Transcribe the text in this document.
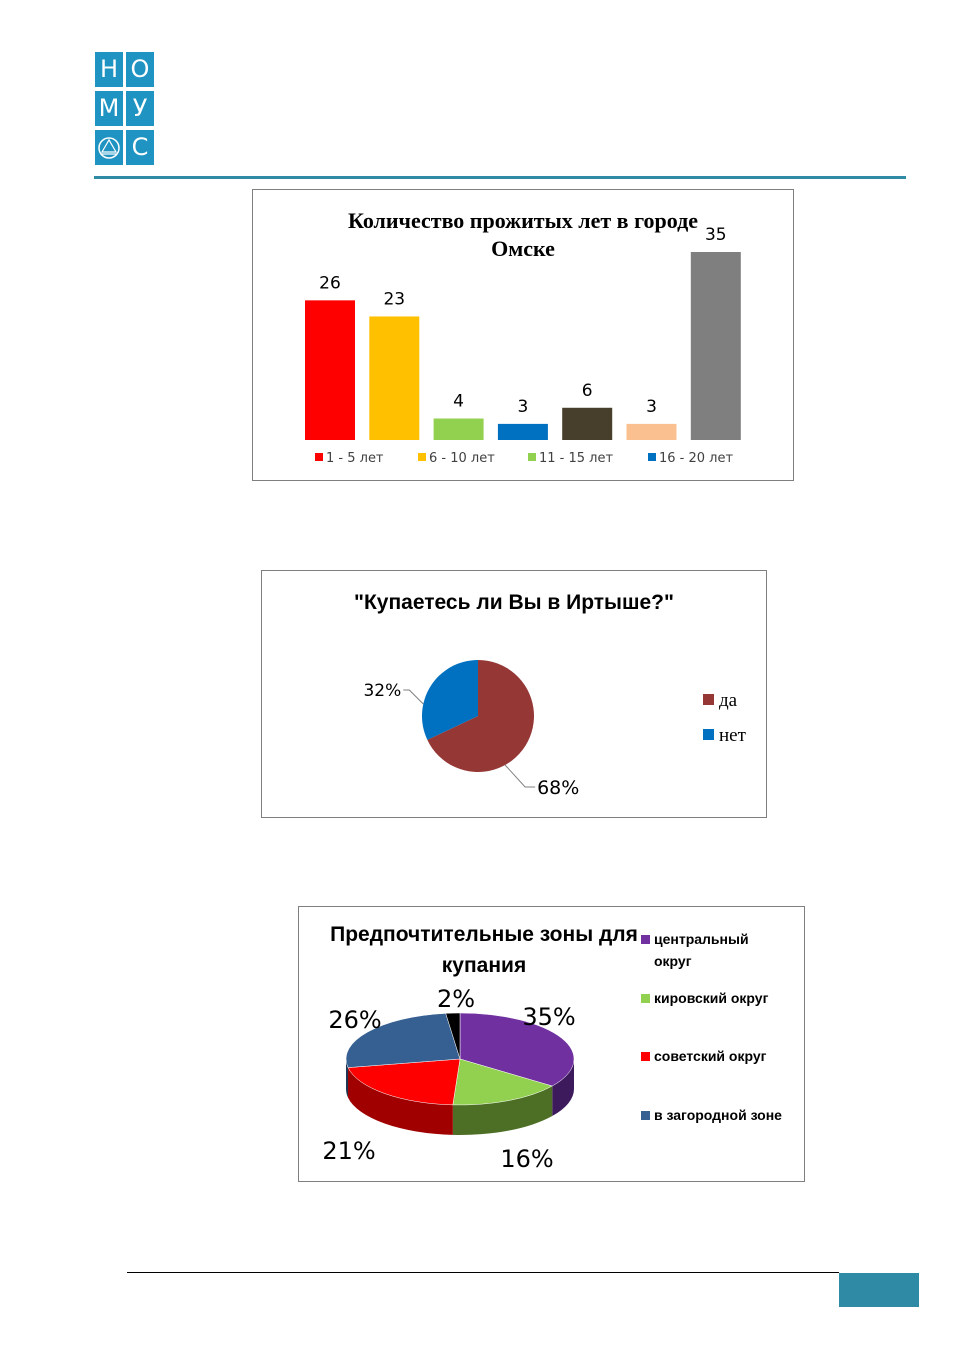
Н О
М У
С
Количество прожитых лет в городе
Омске
26
23
4	3
6
3
35
1 - 5 лет	6 - 10 лет	11 - 15 лет	16 - 20 лет
"Купаетесь ли Вы в Иртыше?"
68%
32%	да
нет
Предпочтительные зоны для
купания
35%
16%
21%
26%
2%
центральный
округ
кировский округ
советский округ
в загородной зоне
